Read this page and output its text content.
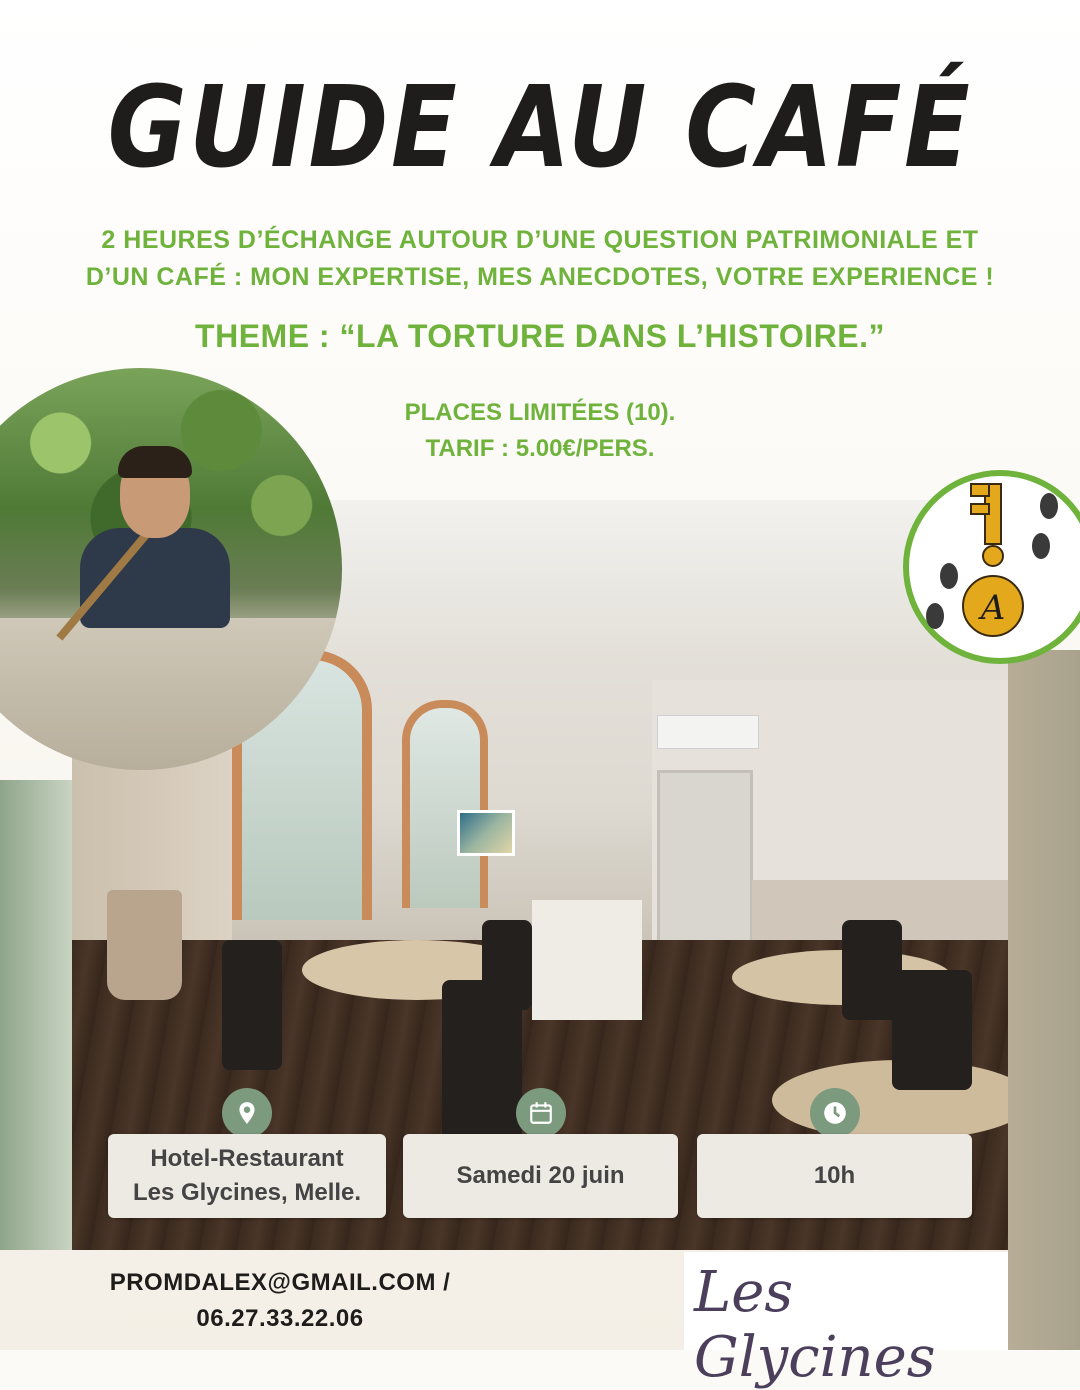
GUIDE AU CAFÉ
2 HEURES D’ÉCHANGE AUTOUR D’UNE QUESTION PATRIMONIALE ET
D’UN CAFÉ : MON EXPERTISE, MES ANECDOTES, VOTRE EXPERIENCE !
THEME : “LA TORTURE DANS L’HISTOIRE.”
PLACES LIMITÉES (10).
TARIF : 5.00€/PERS.
A
Hotel-Restaurant
Les Glycines, Melle.
Samedi 20 juin	10h
PROMDALEX@GMAIL.COM /
06.27.33.22.06	Les Glycines
